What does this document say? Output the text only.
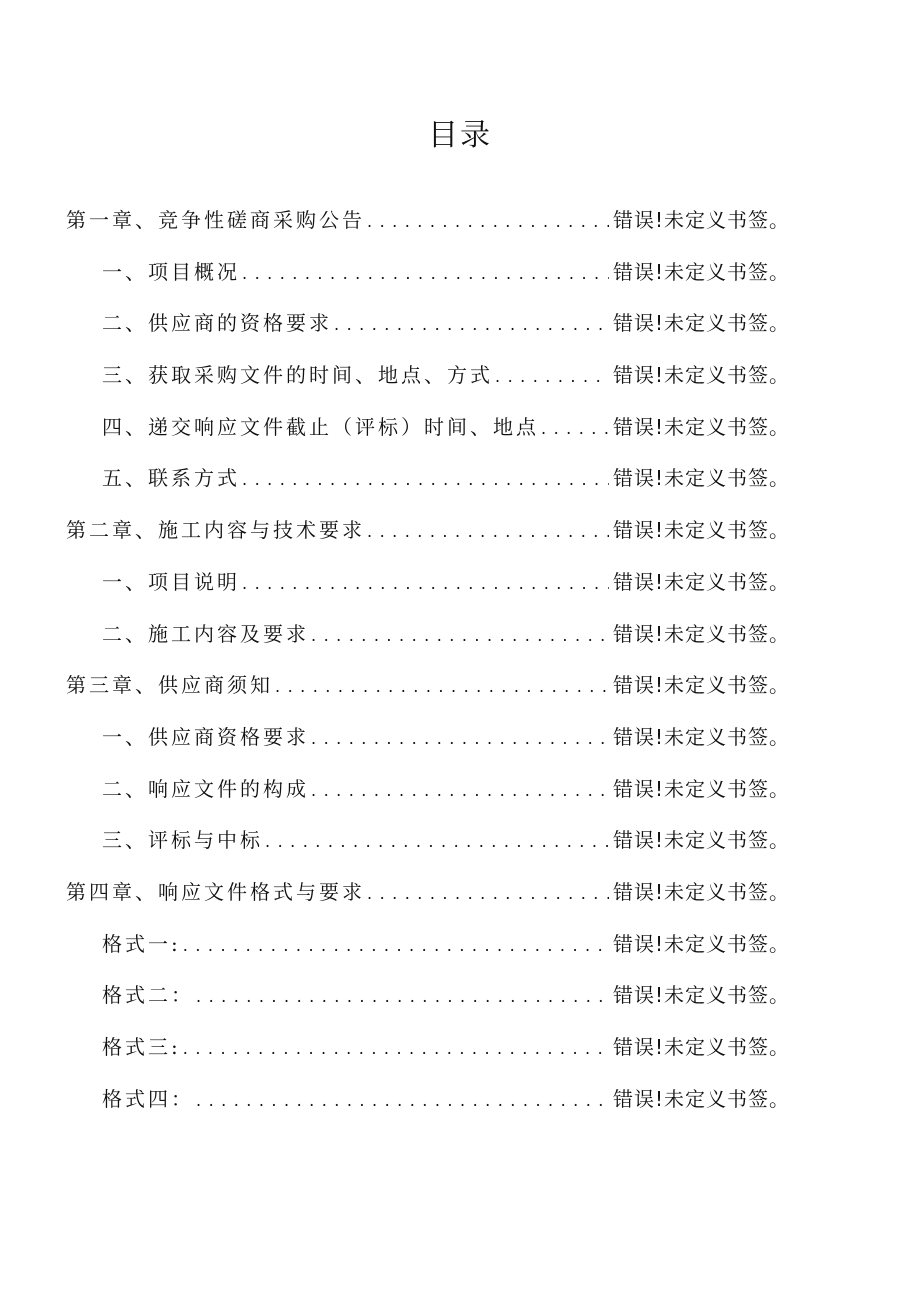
目录
第一章、竞争性磋商采购公告 . . .	错误!未定义书签。
一、项目概况 . . .	错误!未定义书签。
二、供应商的资格要求 . . .	错误!未定义书签。
三、获取采购文件的时间、地点、方式 . . .	错误!未定义书签。
四、递交响应文件截止（评标）时间、地点 . . .	错误!未定义书签。
五、联系方式 . . .	错误!未定义书签。
第二章、施工内容与技术要求 . . .	错误!未定义书签。
一、项目说明 . . .	错误!未定义书签。
二、施工内容及要求 . . .	错误!未定义书签。
第三章、供应商须知 . . .	错误!未定义书签。
一、供应商资格要求 . . .	错误!未定义书签。
二、响应文件的构成 . . .	错误!未定义书签。
三、评标与中标 . . .	错误!未定义书签。
第四章、响应文件格式与要求 . . .	错误!未定义书签。
格式一: . . .	错误!未定义书签。
格式二： . . .	错误!未定义书签。
格式三: . . .	错误!未定义书签。
格式四： . . .	错误!未定义书签。
